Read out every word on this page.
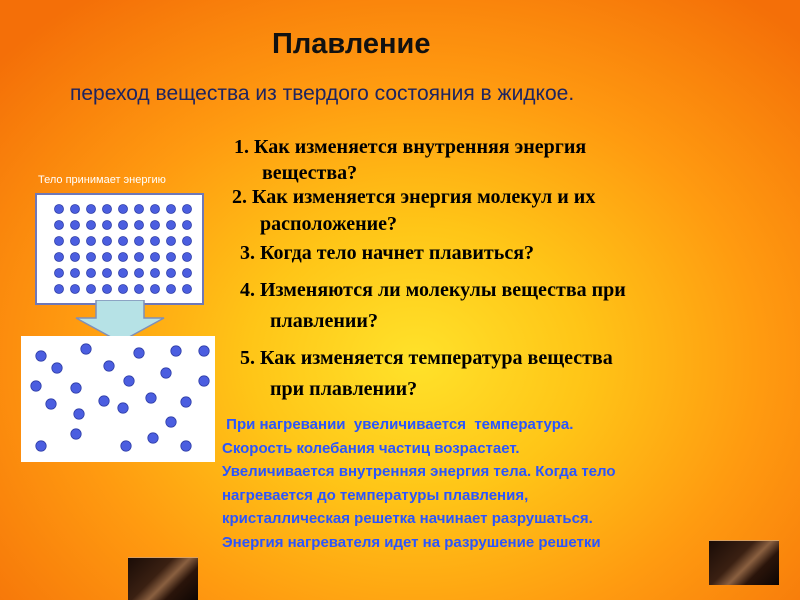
Плавление
переход вещества из твердого состояния в жидкое.
Тело принимает энергию
1. Как изменяется внутренняя энергия
вещества?
2. Как изменяется энергия молекул и их
расположение?
3. Когда тело начнет плавиться?
4. Изменяются ли молекулы вещества при
плавлении?
5. Как изменяется температура вещества
при плавлении?
При нагревании  увеличивается  температура.
Скорость колебания частиц возрастает.
Увеличивается внутренняя энергия тела. Когда тело
нагревается до температуры плавления,
кристаллическая решетка начинает разрушаться.
Энергия нагревателя идет на разрушение решетки
